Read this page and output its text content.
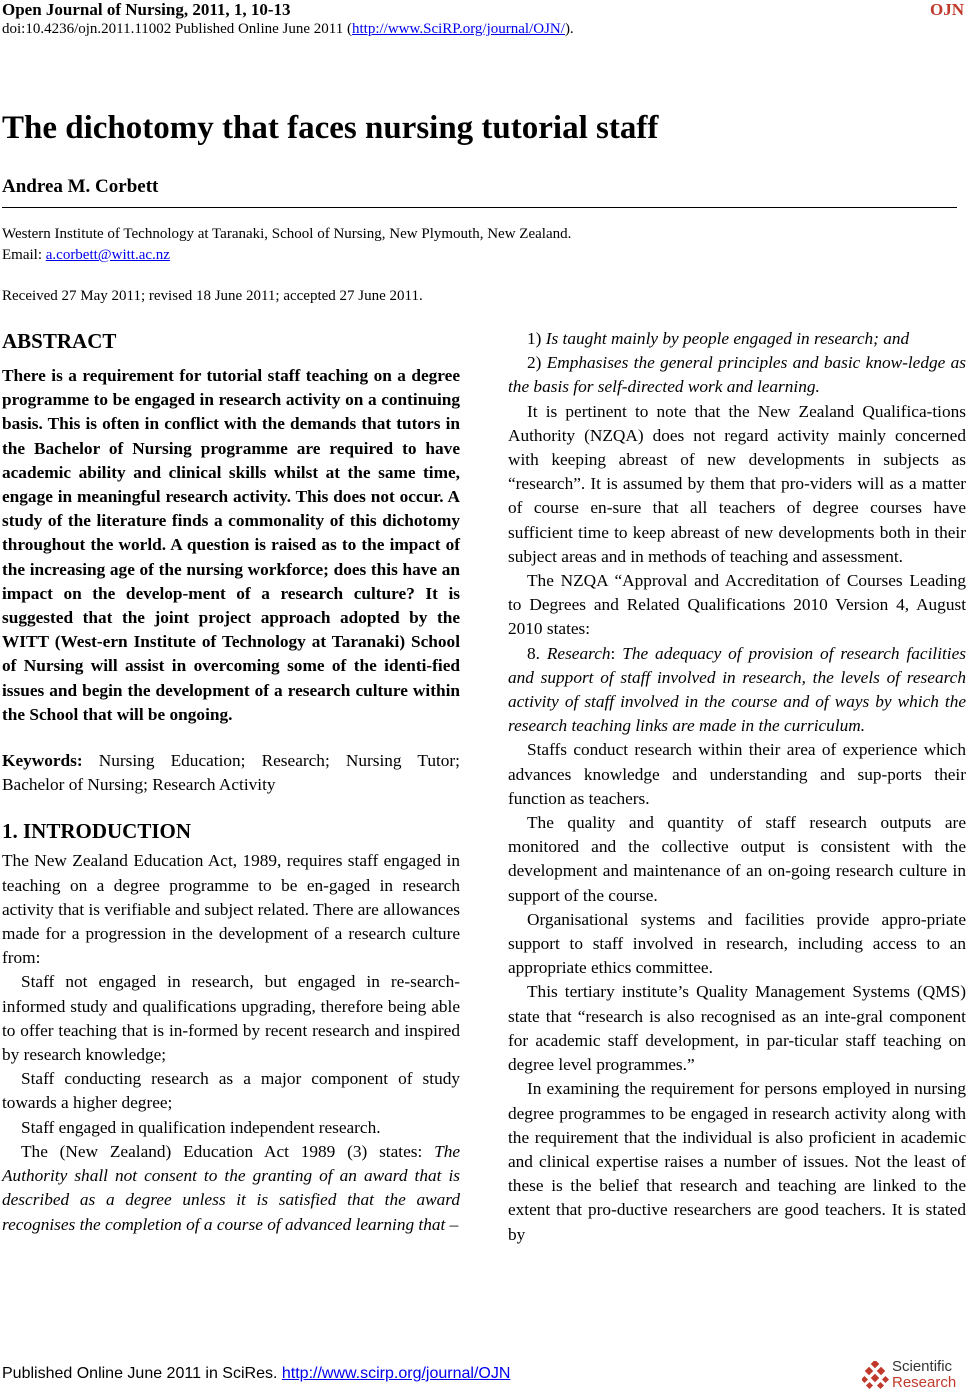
Open Journal of Nursing, 2011, 1, 10-13	OJN
doi:10.4236/ojn.2011.11002 Published Online June 2011 (http://www.SciRP.org/journal/OJN/).
The dichotomy that faces nursing tutorial staff
Andrea M. Corbett
Western Institute of Technology at Taranaki, School of Nursing, New Plymouth, New Zealand.
Email: a.corbett@witt.ac.nz
Received 27 May 2011; revised 18 June 2011; accepted 27 June 2011.
ABSTRACT

There is a requirement for tutorial staff teaching on a degree programme to be engaged in research activity on a continuing basis. This is often in conflict with the demands that tutors in the Bachelor of Nursing programme are required to have academic ability and clinical skills whilst at the same time, engage in meaningful research activity. This does not occur. A study of the literature finds a commonality of this dichotomy throughout the world. A question is raised as to the impact of the increasing age of the nursing workforce; does this have an impact on the develop-ment of a research culture? It is suggested that the joint project approach adopted by the WITT (West-ern Institute of Technology at Taranaki) School of Nursing will assist in overcoming some of the identi-fied issues and begin the development of a research culture within the School that will be ongoing.

Keywords: Nursing Education; Research; Nursing Tutor; Bachelor of Nursing; Research Activity

1. INTRODUCTION

The New Zealand Education Act, 1989, requires staff engaged in teaching on a degree programme to be en-gaged in research activity that is verifiable and subject related. There are allowances made for a progression in the development of a research culture from:

Staff not engaged in research, but engaged in re-search-informed study and qualifications upgrading, therefore being able to offer teaching that is in-formed by recent research and inspired by research knowledge;

Staff conducting research as a major component of study towards a higher degree;

Staff engaged in qualification independent research.

The (New Zealand) Education Act 1989 (3) states: The Authority shall not consent to the granting of an award that is described as a degree unless it is satisfied that the award recognises the completion of a course of advanced learning that –

1) Is taught mainly by people engaged in research; and

2) Emphasises the general principles and basic know-ledge as the basis for self-directed work and learning.

It is pertinent to note that the New Zealand Qualifica-tions Authority (NZQA) does not regard activity mainly concerned with keeping abreast of new developments in subjects as “research”. It is assumed by them that pro-viders will as a matter of course en-sure that all teachers of degree courses have sufficient time to keep abreast of new developments both in their subject areas and in methods of teaching and assessment.

The NZQA “Approval and Accreditation of Courses Leading to Degrees and Related Qualifications 2010 Version 4, August 2010 states:

8. Research: The adequacy of provision of research facilities and support of staff involved in research, the levels of research activity of staff involved in the course and of ways by which the research teaching links are made in the curriculum.

Staffs conduct research within their area of experience which advances knowledge and understanding and sup-ports their function as teachers.

The quality and quantity of staff research outputs are monitored and the collective output is consistent with the development and maintenance of an on-going research culture in support of the course.

Organisational systems and facilities provide appro-priate support to staff involved in research, including access to an appropriate ethics committee.

This tertiary institute’s Quality Management Systems (QMS) state that “research is also recognised as an inte-gral component for academic staff development, in par-ticular staff teaching on degree level programmes.”

In examining the requirement for persons employed in nursing degree programmes to be engaged in research activity along with the requirement that the individual is also proficient in academic and clinical expertise raises a number of issues. Not the least of these is the belief that research and teaching are linked to the extent that pro-ductive researchers are good teachers. It is stated by

Published Online June 2011 in SciRes. http://www.scirp.org/journal/OJN	Scientific
Research
